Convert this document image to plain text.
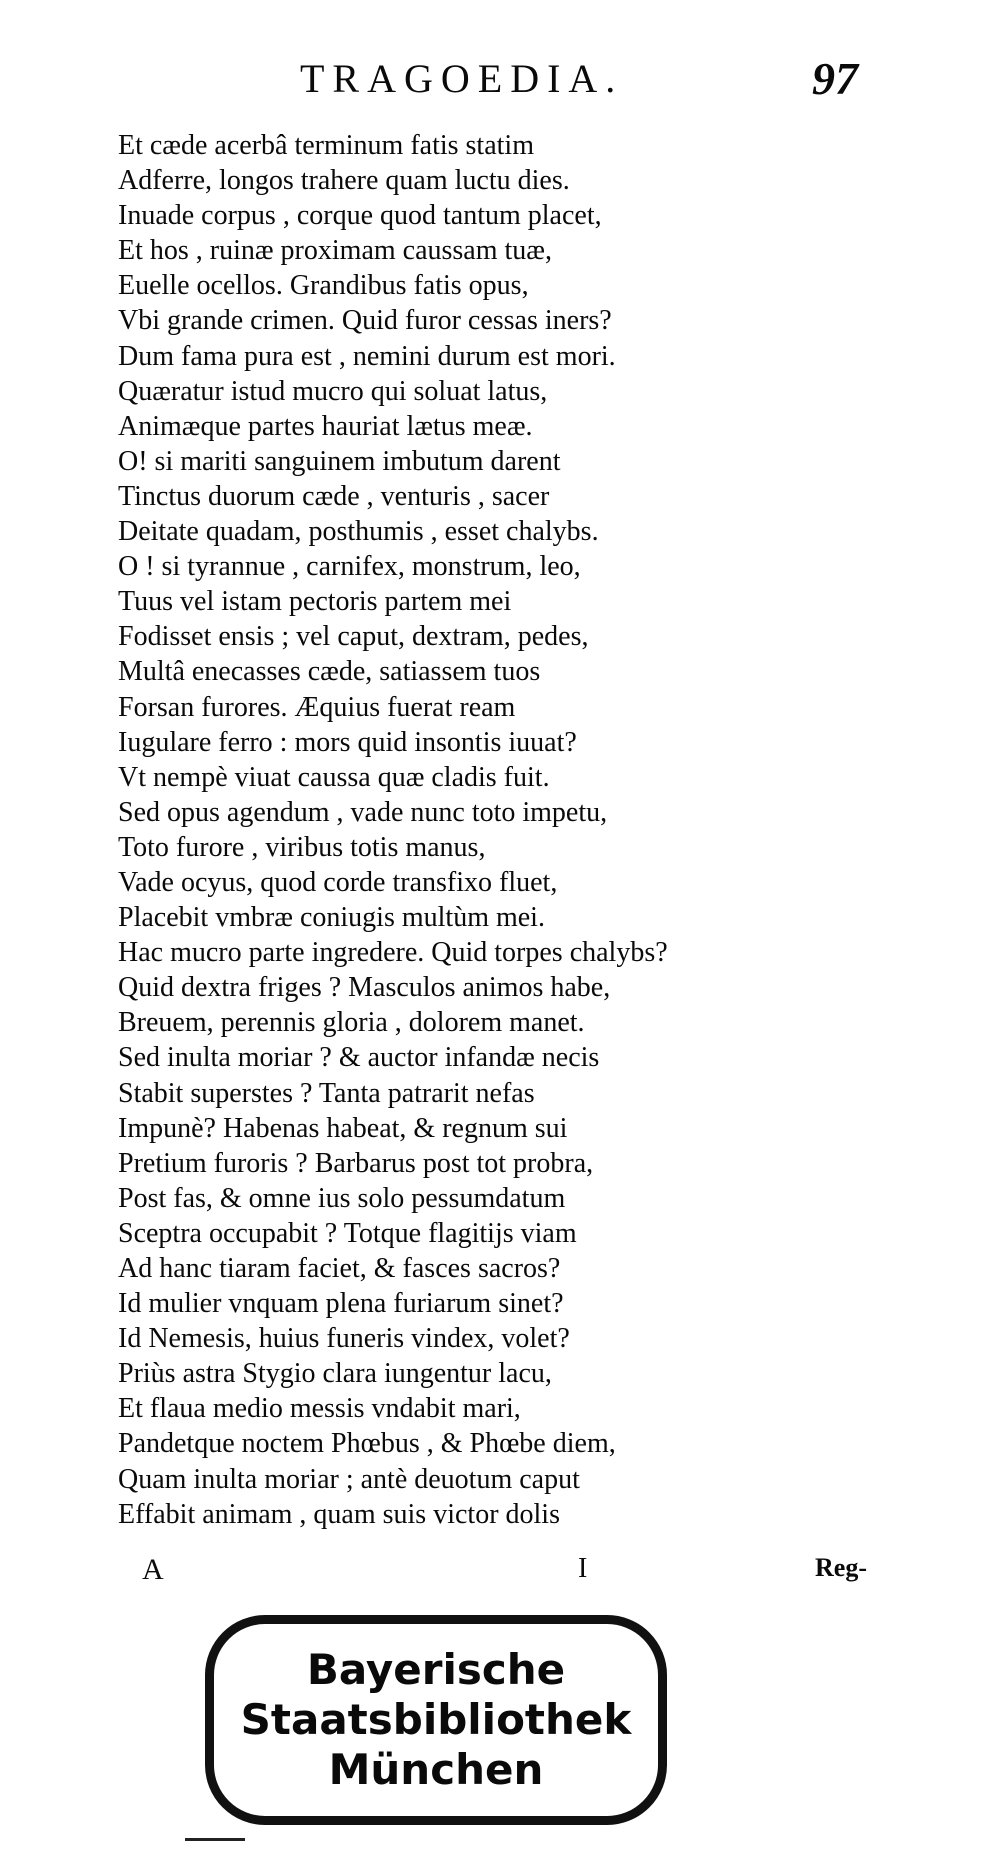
TRAGOEDIA.	97
Et cæde acerbâ terminum fatis statim
Adferre, longos trahere quam luctu dies.
Inuade corpus , corque quod tantum placet,
Et hos , ruinæ proximam caussam tuæ,
Euelle ocellos. Grandibus fatis opus,
Vbi grande crimen. Quid furor cessas iners?
Dum fama pura est , nemini durum est mori.
Quæratur istud mucro qui soluat latus,
Animæque partes hauriat lætus meæ.
O! si mariti sanguinem imbutum darent
Tinctus duorum cæde , venturis , sacer
Deitate quadam, posthumis , esset chalybs.
O ! si tyrannue , carnifex, monstrum, leo,
Tuus vel istam pectoris partem mei
Fodisset ensis ; vel caput, dextram, pedes,
Multâ enecasses cæde, satiassem tuos
Forsan furores. Æquius fuerat ream
Iugulare ferro : mors quid insontis iuuat?
Vt nempè viuat caussa quæ cladis fuit.
Sed opus agendum , vade nunc toto impetu,
Toto furore , viribus totis manus,
Vade ocyus, quod corde transfixo fluet,
Placebit vmbræ coniugis multùm mei.
Hac mucro parte ingredere. Quid torpes chalybs?
Quid dextra friges ? Masculos animos habe,
Breuem, perennis gloria , dolorem manet.
Sed inulta moriar ? & auctor infandæ necis
Stabit superstes ? Tanta patrarit nefas
Impunè? Habenas habeat, & regnum sui
Pretium furoris ? Barbarus post tot probra,
Post fas, & omne ius solo pessumdatum
Sceptra occupabit ? Totque flagitijs viam
Ad hanc tiaram faciet, & fasces sacros?
Id mulier vnquam plena furiarum sinet?
Id Nemesis, huius funeris vindex, volet?
Priùs astra Stygio clara iungentur lacu,
Et flaua medio messis vndabit mari,
Pandetque noctem Phœbus , & Phœbe diem,
Quam inulta moriar ; antè deuotum caput
Effabit animam , quam suis victor dolis
A	I	Reg-
Bayerische
Staatsbibliothek
München
